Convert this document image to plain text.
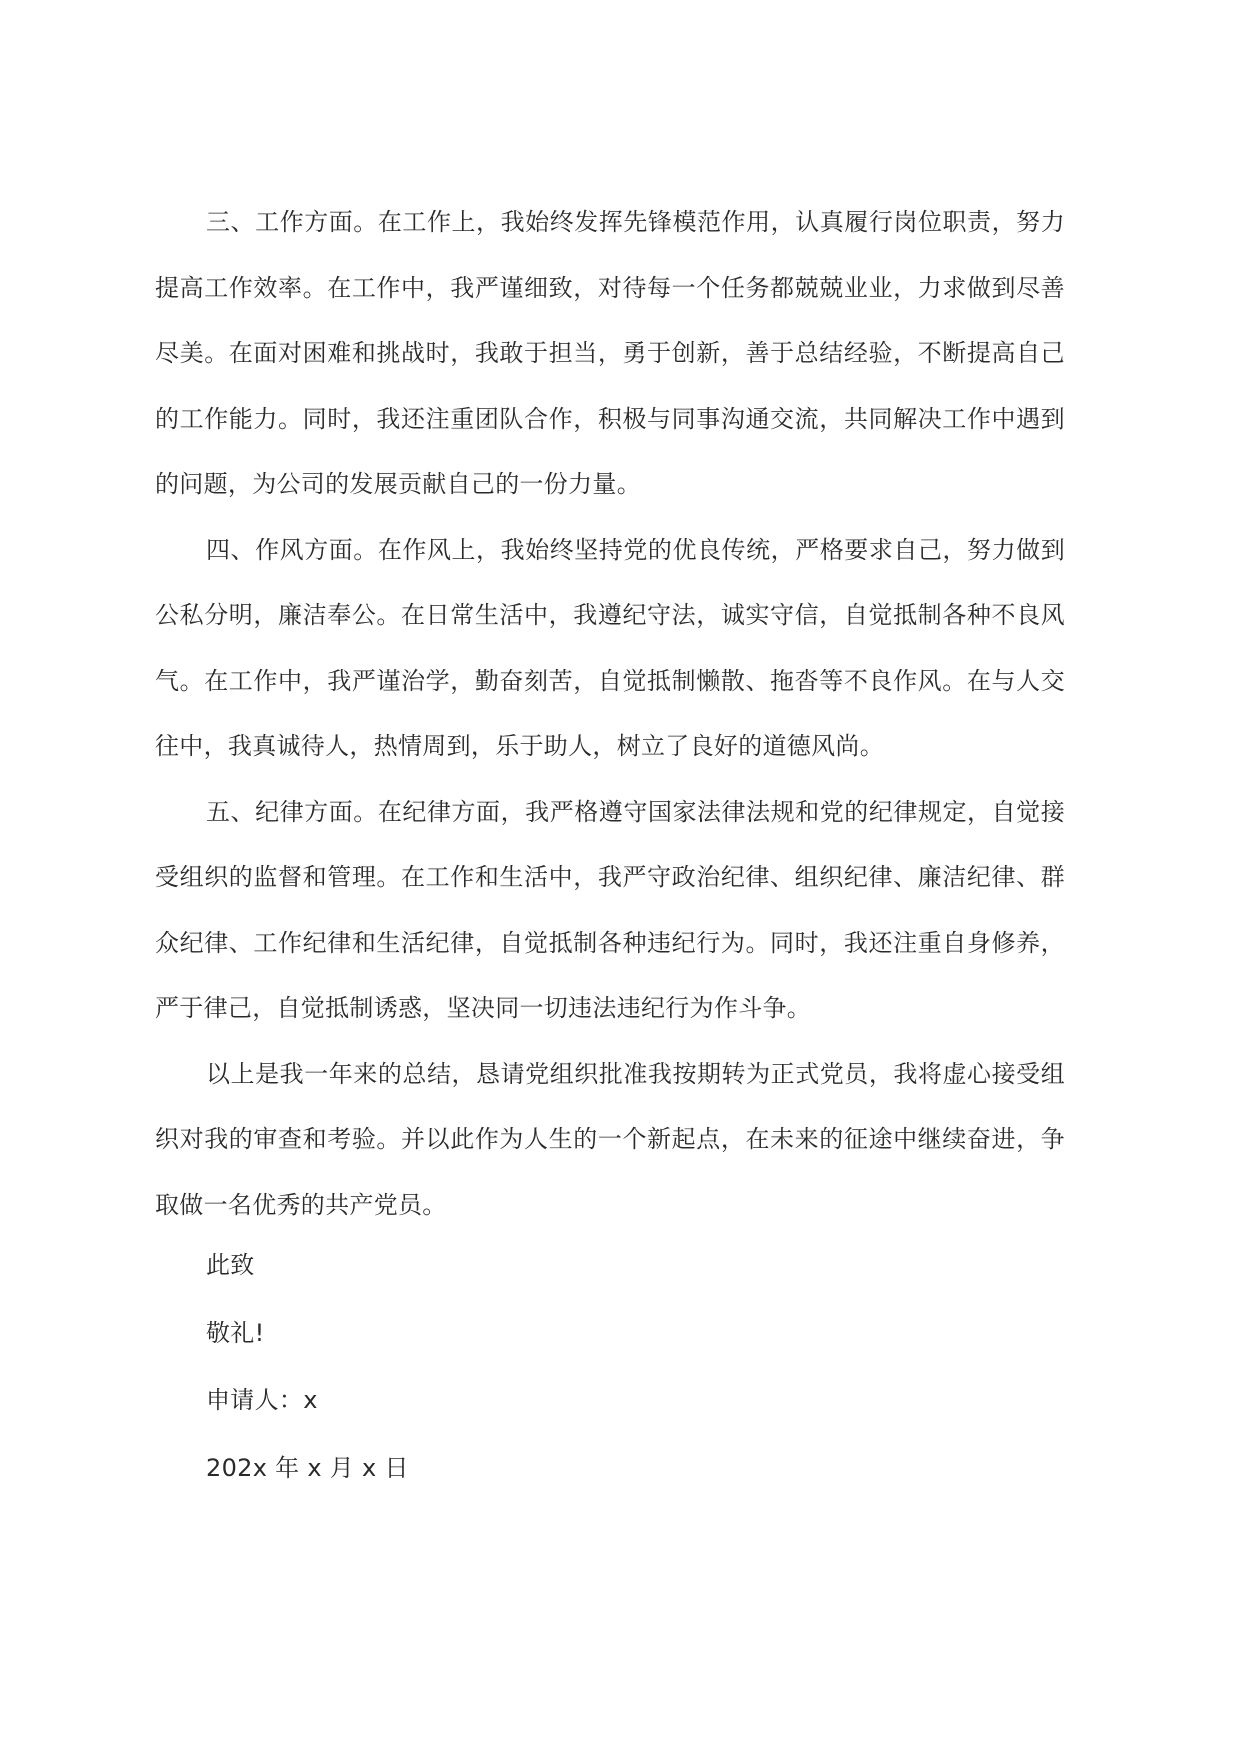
三、工作方面。在工作上，我始终发挥先锋模范作用，认真履行岗位职责，努力提高工作效率。在工作中，我严谨细致，对待每一个任务都兢兢业业，力求做到尽善尽美。在面对困难和挑战时，我敢于担当，勇于创新，善于总结经验，不断提高自己的工作能力。同时，我还注重团队合作，积极与同事沟通交流，共同解决工作中遇到的问题，为公司的发展贡献自己的一份力量。

四、作风方面。在作风上，我始终坚持党的优良传统，严格要求自己，努力做到公私分明，廉洁奉公。在日常生活中，我遵纪守法，诚实守信，自觉抵制各种不良风气。在工作中，我严谨治学，勤奋刻苦，自觉抵制懒散、拖沓等不良作风。在与人交往中，我真诚待人，热情周到，乐于助人，树立了良好的道德风尚。

五、纪律方面。在纪律方面，我严格遵守国家法律法规和党的纪律规定，自觉接受组织的监督和管理。在工作和生活中，我严守政治纪律、组织纪律、廉洁纪律、群众纪律、工作纪律和生活纪律，自觉抵制各种违纪行为。同时，我还注重自身修养，严于律己，自觉抵制诱惑，坚决同一切违法违纪行为作斗争。

以上是我一年来的总结，恳请党组织批准我按期转为正式党员，我将虚心接受组织对我的审查和考验。并以此作为人生的一个新起点，在未来的征途中继续奋进，争取做一名优秀的共产党员。

此致
敬礼!
申请人：x
202x 年 x 月 x 日
